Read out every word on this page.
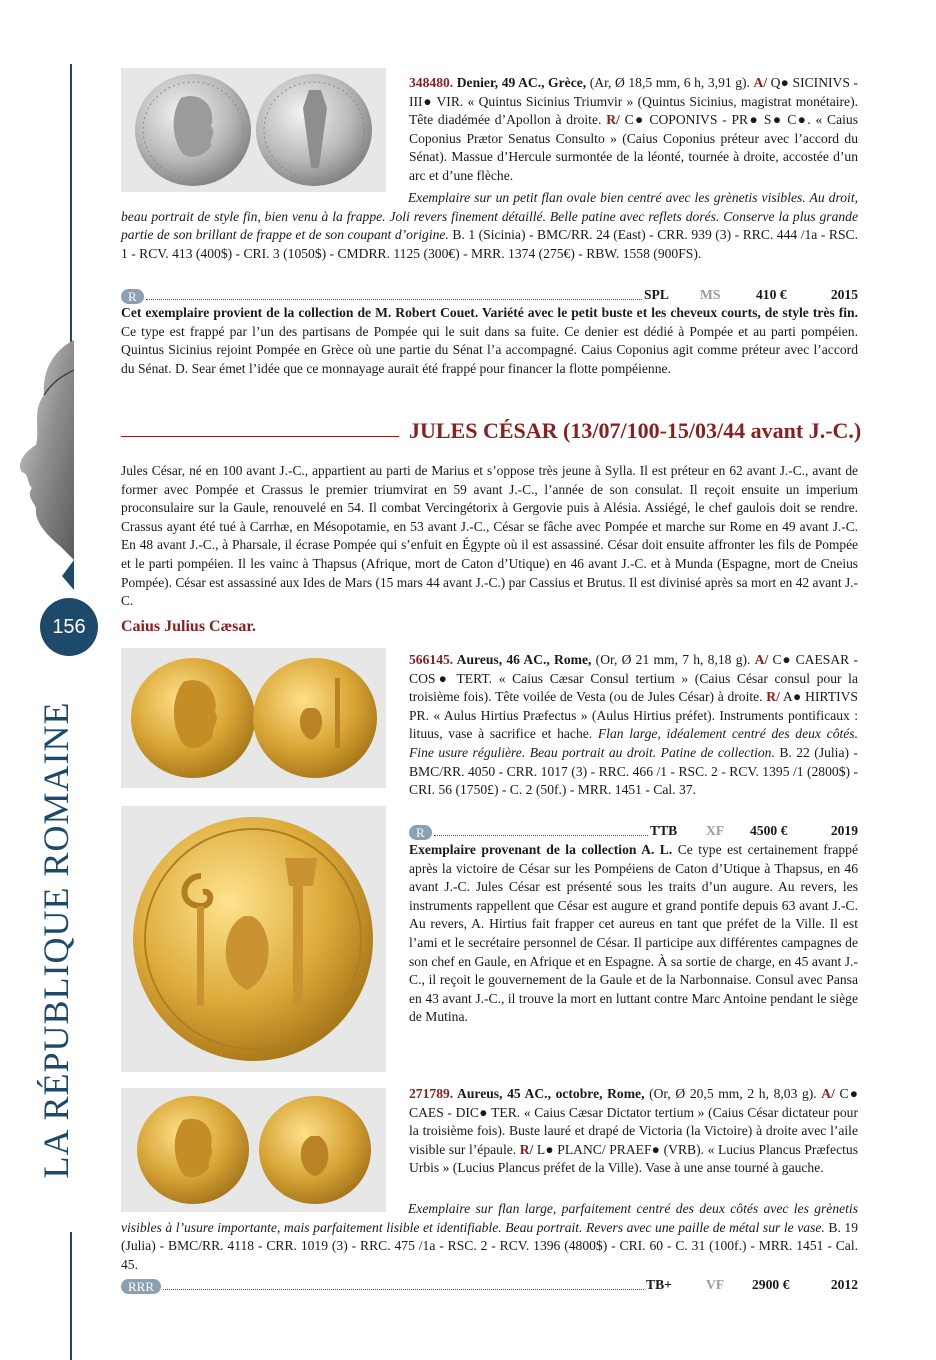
LA RÉPUBLIQUE ROMAINE
156
348480. Denier, 49 AC., Grèce, (Ar, Ø 18,5 mm, 6 h, 3,91 g). A/ Q● SICINIVS - III● VIR. « Quintus Sicinius Triumvir » (Quintus Sicinius, magistrat monétaire). Tête diadémée d’Apollon à droite. R/ C● COPONIVS - PR● S● C●. « Caius Coponius Prætor Senatus Consulto » (Caius Coponius préteur avec l’accord du Sénat). Massue d’Hercule surmontée de la léonté, tournée à droite, accostée d’un arc et d’une flèche.
Exemplaire sur un petit flan ovale bien centré avec les grènetis visibles. Au droit, beau portrait de style fin, bien venu à la frappe. Joli revers finement détaillé. Belle patine avec reflets dorés. Conserve la plus grande partie de son brillant de frappe et de son coupant d’origine. B. 1 (Sicinia) - BMC/RR. 24 (East) - CRR. 939 (3) - RRC. 444 /1a - RSC. 1 - RCV. 413 (400$) - CRI. 3 (1050$) - CMDRR. 1125 (300€) - MRR. 1374 (275€) - RBW. 1558 (900FS).
R	SPL	MS	410 €	2015
Cet exemplaire provient de la collection de M. Robert Couet. Variété avec le petit buste et les cheveux courts, de style très fin. Ce type est frappé par l’un des partisans de Pompée qui le suit dans sa fuite. Ce denier est dédié à Pompée et au parti pompéien. Quintus Sicinius rejoint Pompée en Grèce où une partie du Sénat l’a accompagné. Caius Coponius agit comme préteur avec l’accord du Sénat. D. Sear émet l’idée que ce monnayage aurait été frappé pour financer la flotte pompéienne.
JULES CÉSAR (13/07/100-15/03/44 avant J.-C.)
Jules César, né en 100 avant J.-C., appartient au parti de Marius et s’oppose très jeune à Sylla. Il est préteur en 62 avant J.-C., avant de former avec Pompée et Crassus le premier triumvirat en 59 avant J.-C., l’année de son consulat. Il reçoit ensuite un imperium proconsulaire sur la Gaule, renouvelé en 54. Il combat Vercingétorix à Gergovie puis à Alésia. Assiégé, le chef gaulois doit se rendre. Crassus ayant été tué à Carrhæ, en Mésopotamie, en 53 avant J.-C., César se fâche avec Pompée et marche sur Rome en 49 avant J.-C. En 48 avant J.-C., à Pharsale, il écrase Pompée qui s’enfuit en Égypte où il est assassiné. César doit ensuite affronter les fils de Pompée et le parti pompéien. Il les vainc à Thapsus (Afrique, mort de Caton d’Utique) en 46 avant J.-C. et à Munda (Espagne, mort de Cneius Pompée). César est assassiné aux Ides de Mars (15 mars 44 avant J.-C.) par Cassius et Brutus. Il est divinisé après sa mort en 42 avant J.-C.
Caius Julius Cæsar.
566145. Aureus, 46 AC., Rome, (Or, Ø 21 mm, 7 h, 8,18 g). A/ C● CAESAR - COS● TERT. « Caius Cæsar Consul tertium » (Caius César consul pour la troisième fois). Tête voilée de Vesta (ou de Jules César) à droite. R/ A● HIRTIVS PR. « Aulus Hirtius Præfectus » (Aulus Hirtius préfet). Instruments pontificaux : lituus, vase à sacrifice et hache. Flan large, idéalement centré des deux côtés. Fine usure régulière. Beau portrait au droit. Patine de collection. B. 22 (Julia) - BMC/RR. 4050 - CRR. 1017 (3) - RRC. 466 /1 - RSC. 2 - RCV. 1395 /1 (2800$) - CRI. 56 (1750£) - C. 2 (50f.) - MRR. 1451 - Cal. 37.
R	TTB	XF	4500 €	2019
Exemplaire provenant de la collection A. L. Ce type est certainement frappé après la victoire de César sur les Pompéiens de Caton d’Utique à Thapsus, en 46 avant J.-C. Jules César est présenté sous les traits d’un augure. Au revers, les instruments rappellent que César est augure et grand pontife depuis 63 avant J.-C. Au revers, A. Hirtius fait frapper cet aureus en tant que préfet de la Ville. Il est l’ami et le secrétaire personnel de César. Il participe aux différentes campagnes de son chef en Gaule, en Afrique et en Espagne. À sa sortie de charge, en 45 avant J.-C., il reçoit le gouvernement de la Gaule et de la Narbonnaise. Consul avec Pansa en 43 avant J.-C., il trouve la mort en luttant contre Marc Antoine pendant le siège de Mutina.
271789. Aureus, 45 AC., octobre, Rome, (Or, Ø 20,5 mm, 2 h, 8,03 g). A/ C● CAES - DIC● TER. « Caius Cæsar Dictator tertium » (Caius César dictateur pour la troisième fois). Buste lauré et drapé de Victoria (la Victoire) à droite avec l’aile visible sur l’épaule. R/ L● PLANC/ PRAEF● (VRB). « Lucius Plancus Præfectus Urbis » (Lucius Plancus préfet de la Ville). Vase à une anse tourné à gauche.
Exemplaire sur flan large, parfaitement centré des deux côtés avec les grènetis visibles à l’usure importante, mais parfaitement lisible et identifiable. Beau portrait. Revers avec une paille de métal sur le vase. B. 19 (Julia) - BMC/RR. 4118 - CRR. 1019 (3) - RRC. 475 /1a - RSC. 2 - RCV. 1396 (4800$) - CRI. 60 - C. 31 (100f.) - MRR. 1451 - Cal. 45.
RRR	TB+	VF	2900 €	2012
